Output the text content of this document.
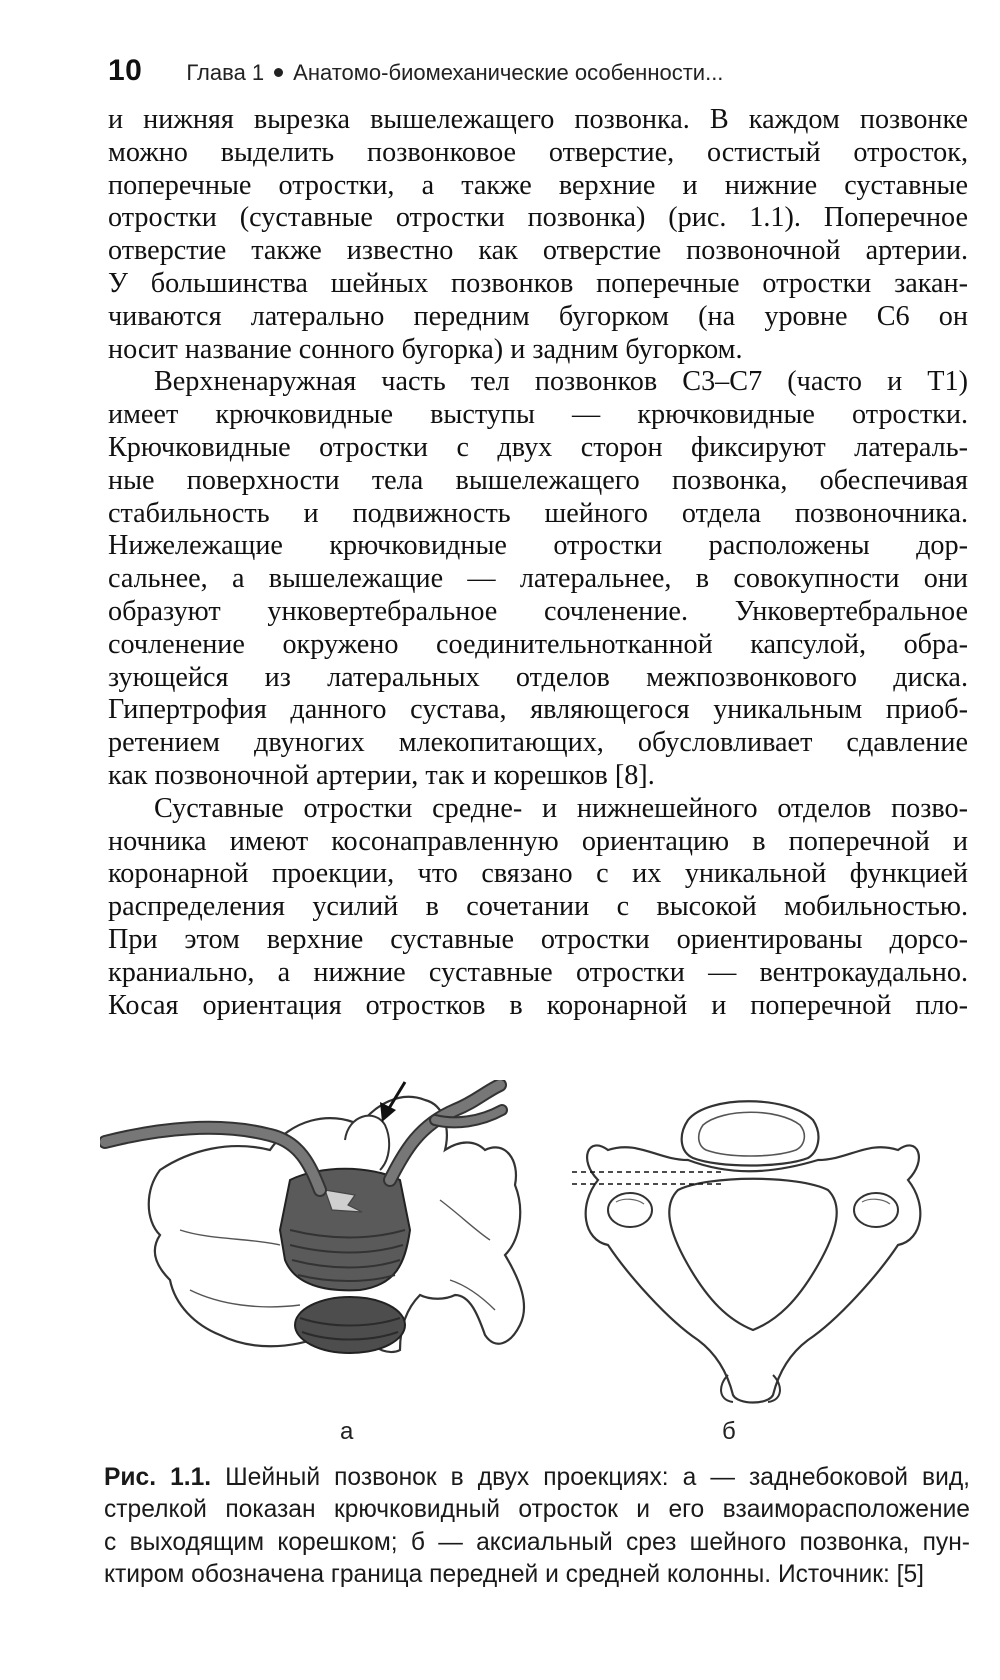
10 Глава 1 Анатомо-биомеханические особенности...
и нижняя вырезка вышележащего позвонка. В каждом позвонке
можно выделить позвонковое отверстие, остистый отросток,
поперечные отростки, а также верхние и нижние суставные
отростки (суставные отростки позвонка) (рис. 1.1). Поперечное
отверстие также известно как отверстие позвоночной артерии.
У большинства шейных позвонков поперечные отростки закан-
чиваются латерально передним бугорком (на уровне С6 он
носит название сонного бугорка) и задним бугорком.
Верхненаружная часть тел позвонков С3–С7 (часто и Т1)
имеет крючковидные выступы — крючковидные отростки.
Крючковидные отростки с двух сторон фиксируют латераль-
ные поверхности тела вышележащего позвонка, обеспечивая
стабильность и подвижность шейного отдела позвоночника.
Нижележащие крючковидные отростки расположены дор-
сальнее, а вышележащие — латеральнее, в совокупности они
образуют унковертебральное сочленение. Унковертебральное
сочленение окружено соединительнотканной капсулой, обра-
зующейся из латеральных отделов межпозвонкового диска.
Гипертрофия данного сустава, являющегося уникальным приоб-
ретением двуногих млекопитающих, обусловливает сдавление
как позвоночной артерии, так и корешков [8].
Суставные отростки средне- и нижнешейного отделов позво-
ночника имеют косонаправленную ориентацию в поперечной и
коронарной проекции, что связано с их уникальной функцией
распределения усилий в сочетании с высокой мобильностью.
При этом верхние суставные отростки ориентированы дорсо-
краниально, а нижние суставные отростки — вентрокаудально.
Косая ориентация отростков в коронарной и поперечной пло-
а	б
Рис. 1.1. Шейный позвонок в двух проекциях: а — заднебоковой вид,
стрелкой показан крючковидный отросток и его взаиморасположение
с выходящим корешком; б — аксиальный срез шейного позвонка, пун-
ктиром обозначена граница передней и средней колонны. Источник: [5]
